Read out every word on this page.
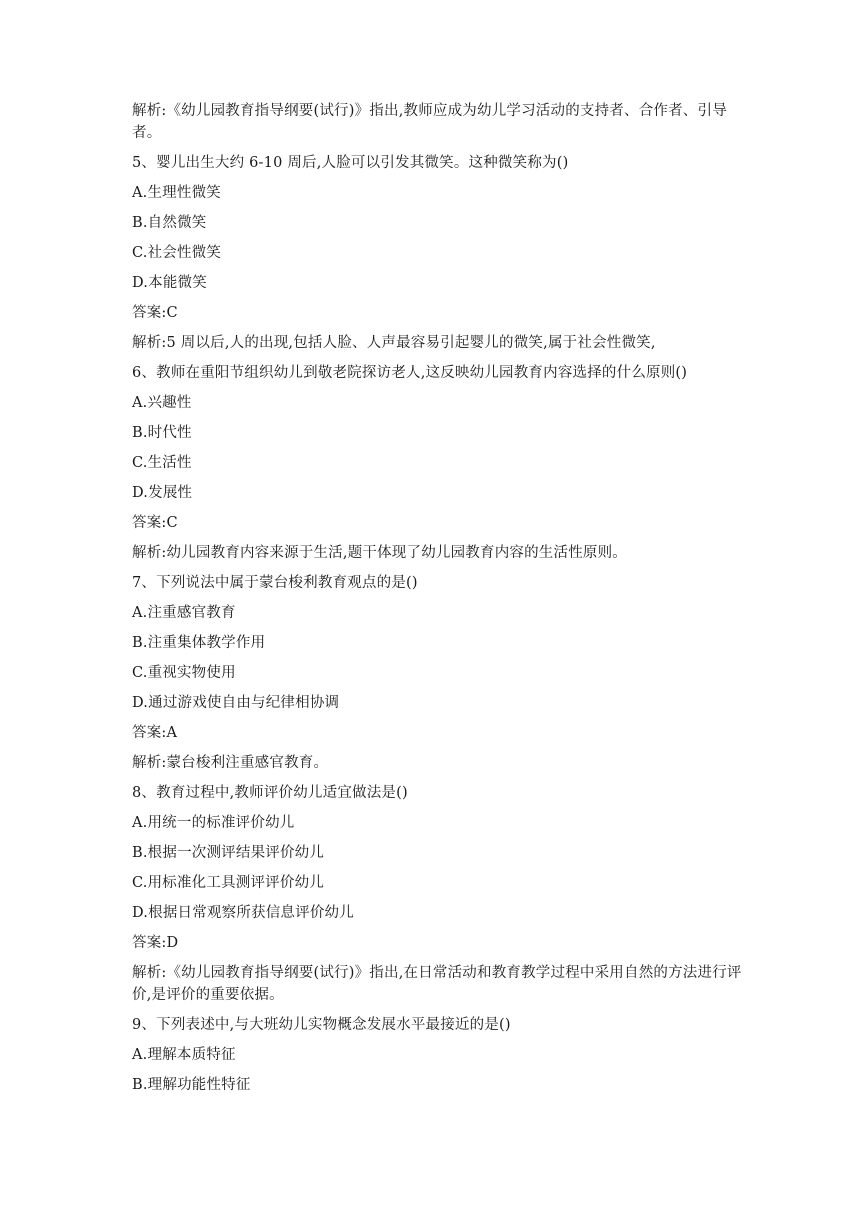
解析:《幼儿园教育指导纲要(试行)》指出,教师应成为幼儿学习活动的支持者、合作者、引导者。
5、婴儿出生大约 6-10 周后,人脸可以引发其微笑。这种微笑称为()
A.生理性微笑
B.自然微笑
C.社会性微笑
D.本能微笑
答案:C
解析:5 周以后,人的出现,包括人脸、人声最容易引起婴儿的微笑,属于社会性微笑,
6、教师在重阳节组织幼儿到敬老院探访老人,这反映幼儿园教育内容选择的什么原则()
A.兴趣性
B.时代性
C.生活性
D.发展性
答案:C
解析:幼儿园教育内容来源于生活,题干体现了幼儿园教育内容的生活性原则。
7、下列说法中属于蒙台梭利教育观点的是()
A.注重感官教育
B.注重集体教学作用
C.重视实物使用
D.通过游戏使自由与纪律相协调
答案:A
解析:蒙台梭利注重感官教育。
8、教育过程中,教师评价幼儿适宜做法是()
A.用统一的标准评价幼儿
B.根据一次测评结果评价幼儿
C.用标准化工具测评评价幼儿
D.根据日常观察所获信息评价幼儿
答案:D
解析:《幼儿园教育指导纲要(试行)》指出,在日常活动和教育教学过程中采用自然的方法进行评价,是评价的重要依据。
9、下列表述中,与大班幼儿实物概念发展水平最接近的是()
A.理解本质特征
B.理解功能性特征
